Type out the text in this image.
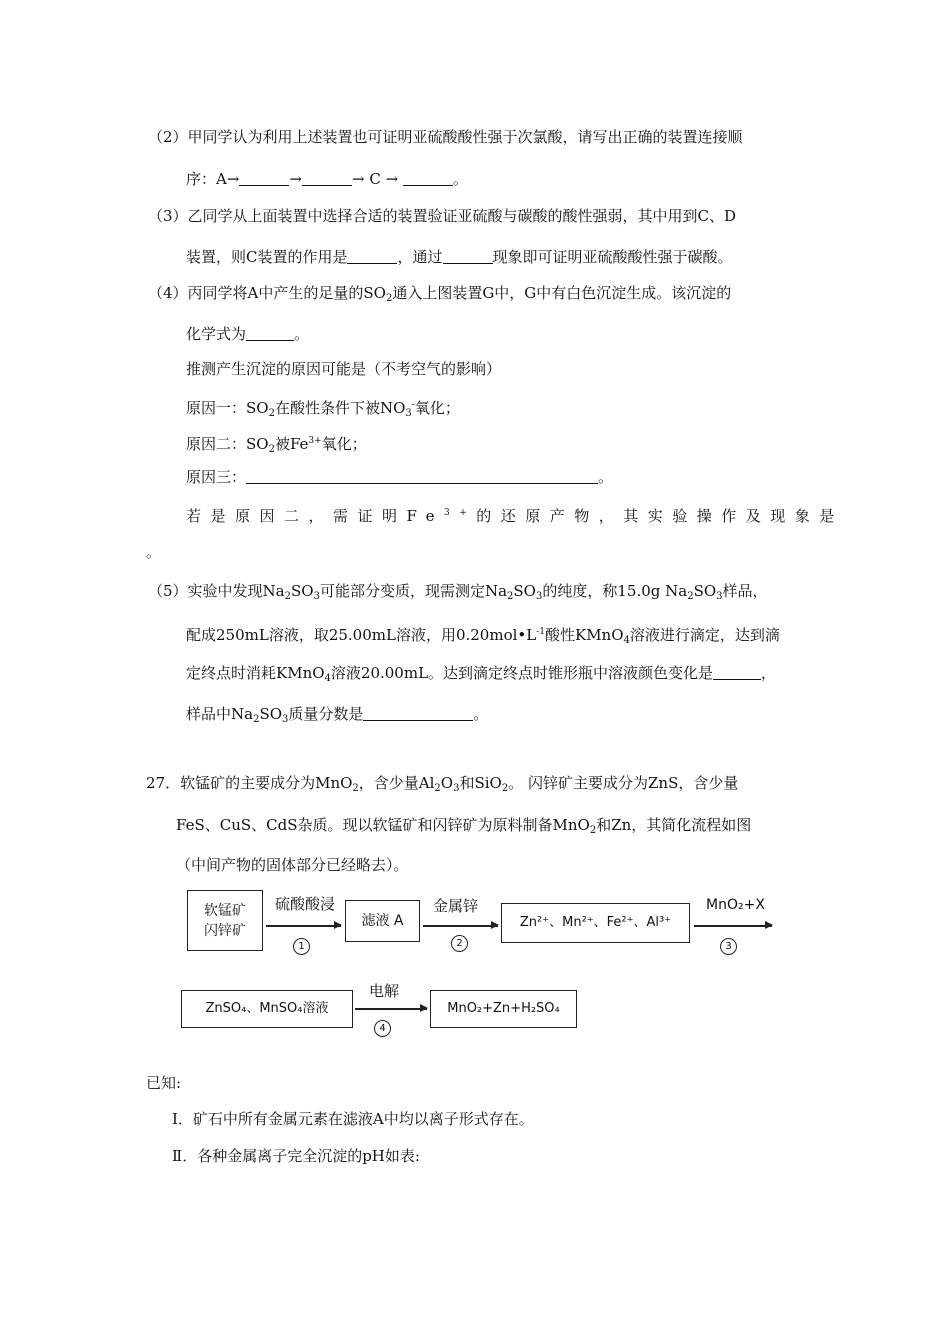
（2）甲同学认为利用上述装置也可证明亚硫酸酸性强于次氯酸，请写出正确的装置连接顺
序：A→	→	→ C →	。
（3）乙同学从上面装置中选择合适的装置验证亚硫酸与碳酸的酸性强弱，其中用到C、D
装置，则C装置的作用是	，通过	现象即可证明亚硫酸酸性强于碳酸。
（4）丙同学将A中产生的足量的$SO_2$通入上图装置G中，G中有白色沉淀生成。该沉淀的
化学式为	。
推测产生沉淀的原因可能是（不考空气的影响）
原因一：$SO_2$在酸性条件下被$NO_3^-$氧化；
原因二：$SO_2$被$Fe^{3+}$氧化；
原因三：	。
若是原因二，需证明$Fe^{3+}$的还原产物，其实验操作及现象是
。
（5）实验中发现$Na_2SO_3$可能部分变质，现需测定$Na_2SO_3$的纯度，称15.0g $Na_2SO_3$样品，
配成250mL溶液，取25.00mL溶液，用$0.20mol•L^{-1}$酸性KMnO$_4$溶液进行滴定，达到滴
定终点时消耗KMnO$_4$溶液20.00mL。达到滴定终点时锥形瓶中溶液颜色变化是	，
样品中$Na_2SO_3$质量分数是	。
27．软锰矿的主要成分为MnO$_2$，含少量$Al_2O_3$和SiO$_2$。 闪锌矿主要成分为ZnS，含少量
FeS、CuS、CdS杂质。现以软锰矿和闪锌矿为原料制备MnO$_2$和Zn，其简化流程如图
（中间产物的固体部分已经略去）。
软锰矿
闪锌矿
硫酸酸浸
1
滤液 A
金属锌
2
Zn²⁺、Mn²⁺、Fe²⁺、Al³⁺
MnO₂+X
3
ZnSO₄、MnSO₄溶液
电解
4
MnO₂+Zn+H₂SO₄
已知:
Ⅰ．矿石中所有金属元素在滤液A中均以离子形式存在。
Ⅱ．各种金属离子完全沉淀的pH如表:
